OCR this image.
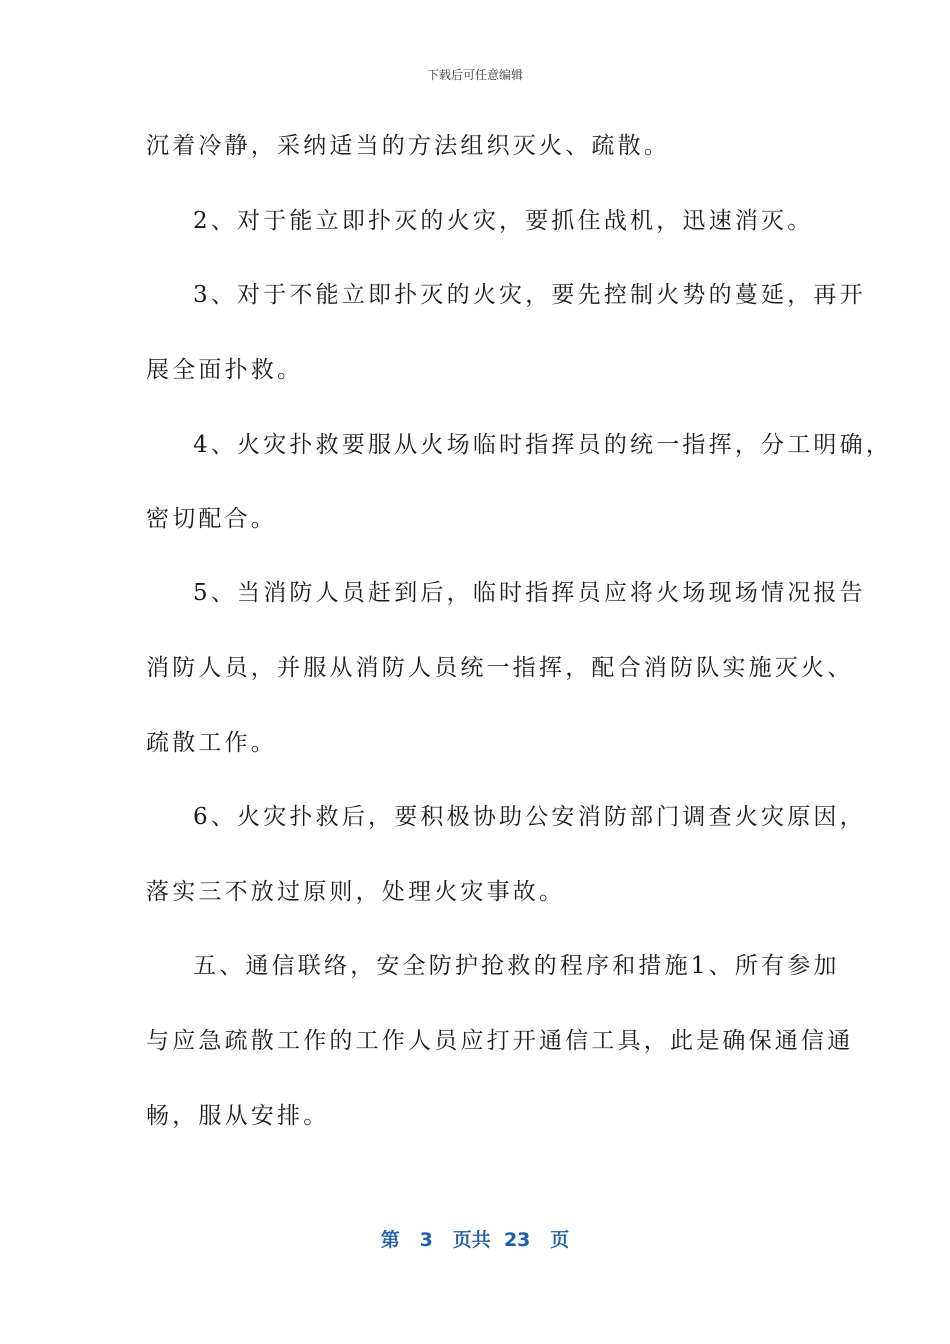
下载后可任意编辑
沉着冷静，采纳适当的方法组织灭火、疏散。
2、对于能立即扑灭的火灾，要抓住战机，迅速消灭。
3、对于不能立即扑灭的火灾，要先控制火势的蔓延，再开
展全面扑救。
4、火灾扑救要服从火场临时指挥员的统一指挥，分工明确，
密切配合。
5、当消防人员赶到后，临时指挥员应将火场现场情况报告
消防人员，并服从消防人员统一指挥，配合消防队实施灭火、
疏散工作。
6、火灾扑救后，要积极协助公安消防部门调查火灾原因，
落实三不放过原则，处理火灾事故。
五、通信联络，安全防护抢救的程序和措施1、所有参加
与应急疏散工作的工作人员应打开通信工具，此是确保通信通
畅，服从安排。
第 3 页共 23 页
